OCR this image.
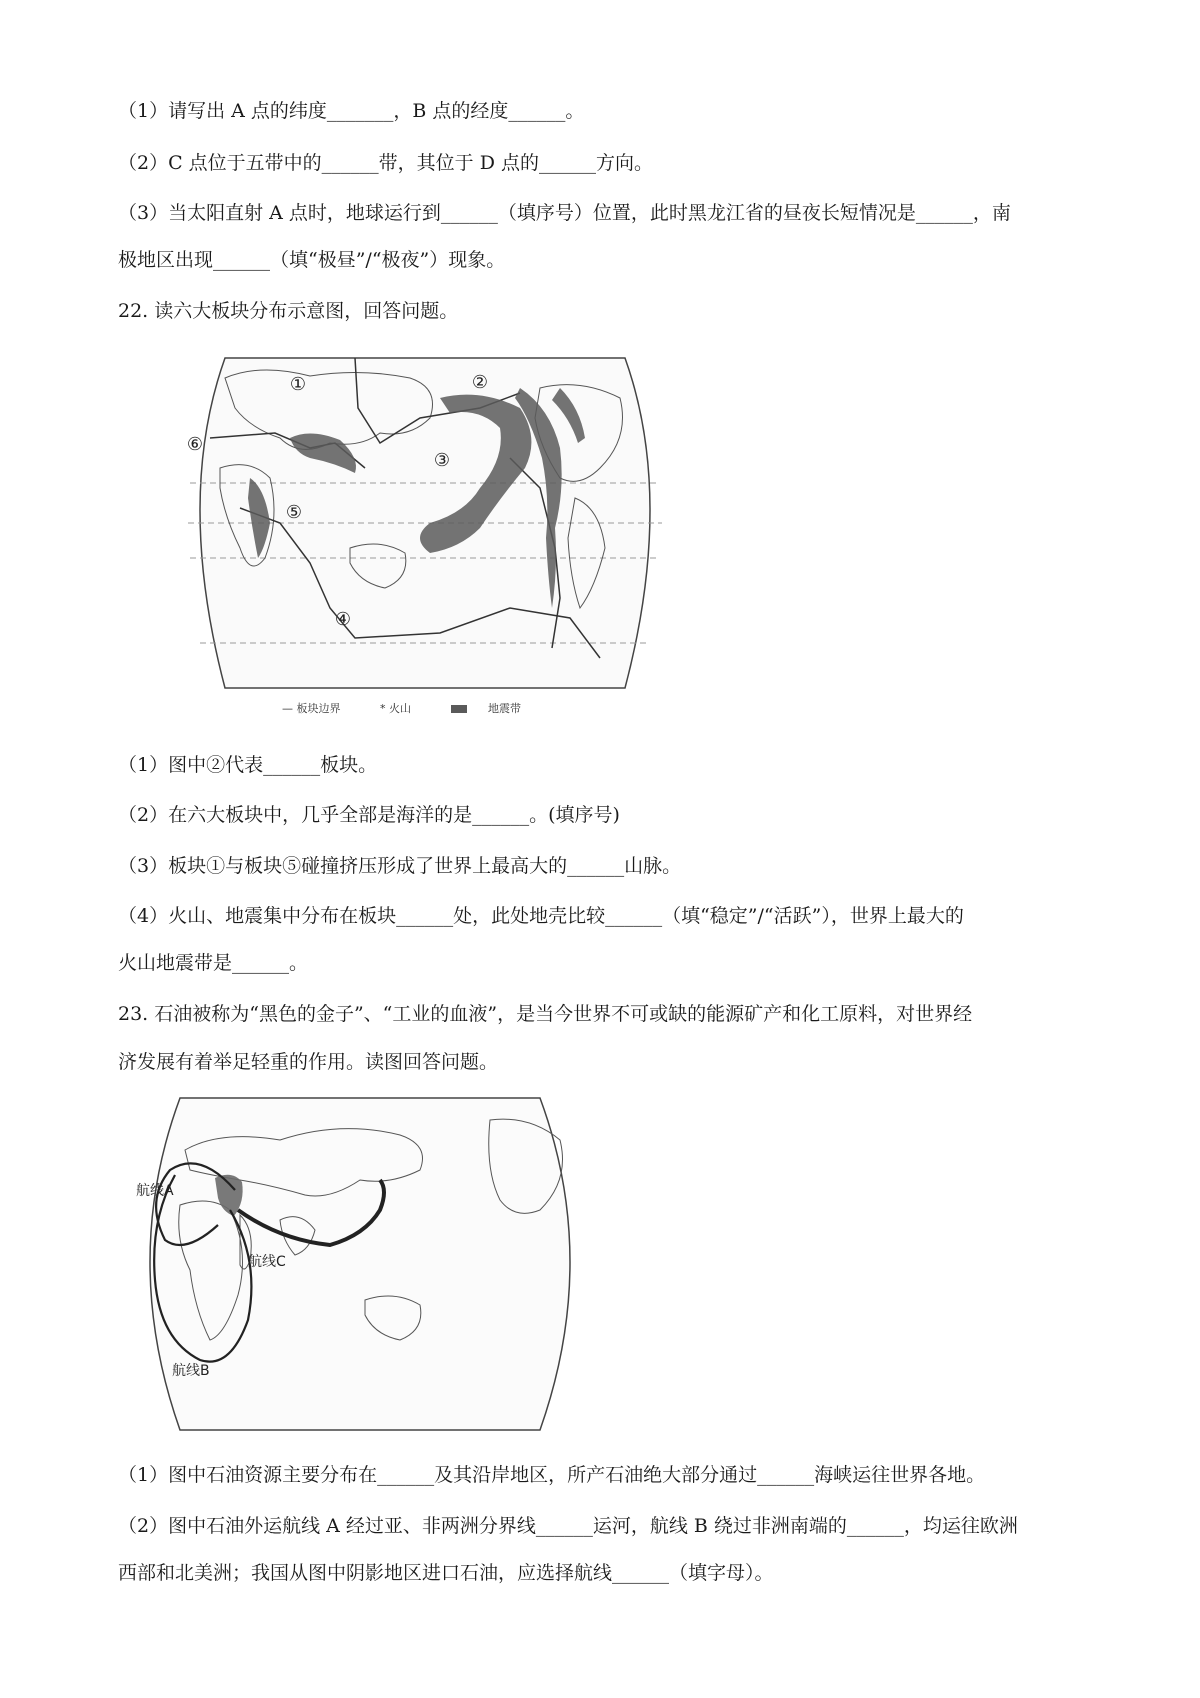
（1）请写出 A 点的纬度_______，B 点的经度______。
（2）C 点位于五带中的______带，其位于 D 点的______方向。
（3）当太阳直射 A 点时，地球运行到______（填序号）位置，此时黑龙江省的昼夜长短情况是______，南
极地区出现______（填“极昼”/“极夜”）现象。
22. 读六大板块分布示意图，回答问题。
①	②
③
④
⑤
⑥
— 板块边界	* 火山	地震带
（1）图中②代表______板块。
（2）在六大板块中，几乎全部是海洋的是______。(填序号)
（3）板块①与板块⑤碰撞挤压形成了世界上最高大的______山脉。
（4）火山、地震集中分布在板块______处，此处地壳比较______（填“稳定”/“活跃”），世界上最大的
火山地震带是______。
23. 石油被称为“黑色的金子”、“工业的血液”，是当今世界不可或缺的能源矿产和化工原料，对世界经
济发展有着举足轻重的作用。读图回答问题。
航线A
航线B
航线C
（1）图中石油资源主要分布在______及其沿岸地区，所产石油绝大部分通过______海峡运往世界各地。
（2）图中石油外运航线 A 经过亚、非两洲分界线______运河，航线 B 绕过非洲南端的______，均运往欧洲
西部和北美洲；我国从图中阴影地区进口石油，应选择航线______（填字母）。
